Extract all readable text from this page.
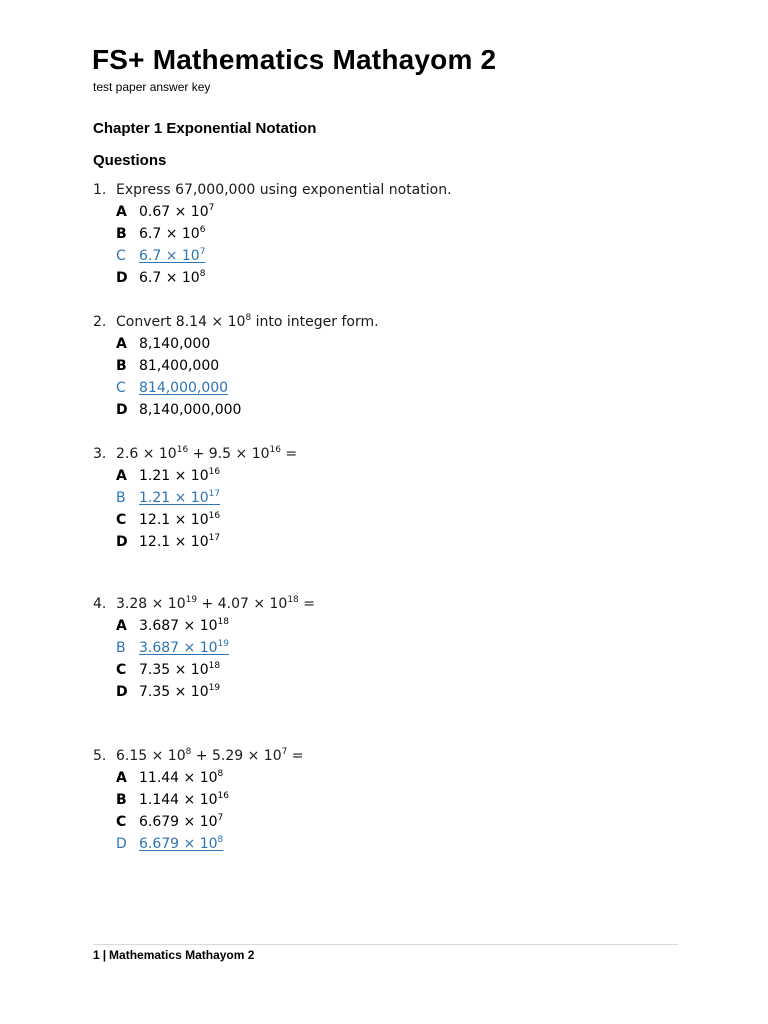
FS+ Mathematics Mathayom 2
test paper answer key
Chapter 1 Exponential Notation
Questions
1. Express 67,000,000 using exponential notation.
A $0.67 \times 10^7$
B $6.7 \times 10^6$
C $6.7 \times 10^7$
D $6.7 \times 10^8$
2. Convert $8.14 \times 10^8$ into integer form.
A 8,140,000
B 81,400,000
C 814,000,000
D 8,140,000,000
3. $2.6 \times 10^{16} + 9.5 \times 10^{16}$ =
A $1.21 \times 10^{16}$
B $1.21 \times 10^{17}$
C $12.1 \times 10^{16}$
D $12.1 \times 10^{17}$
4. $3.28 \times 10^{19} + 4.07 \times 10^{18}$ =
A $3.687 \times 10^{18}$
B $3.687 \times 10^{19}$
C $7.35 \times 10^{18}$
D $7.35 \times 10^{19}$
5. $6.15 \times 10^8 + 5.29 \times 10^7$ =
A $11.44 \times 10^8$
B $1.144 \times 10^{16}$
C $6.679 \times 10^7$
D $6.679 \times 10^8$
1 | Mathematics Mathayom 2
